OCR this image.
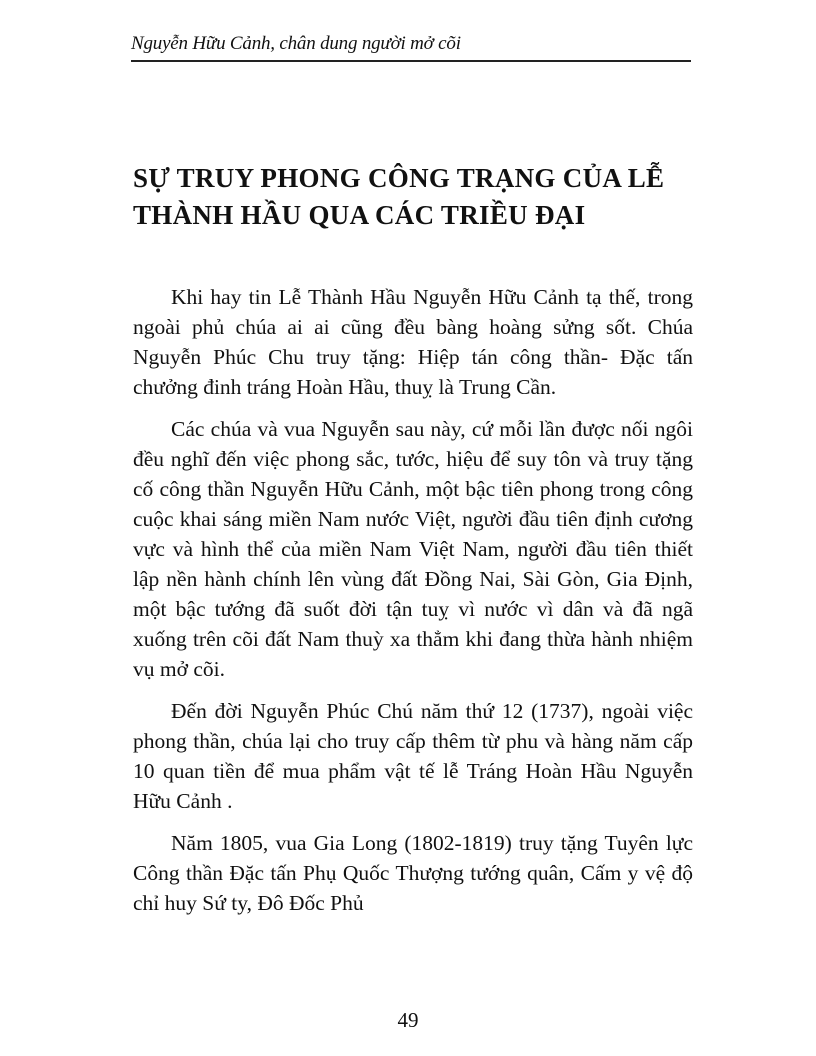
Nguyễn Hữu Cảnh, chân dung người mở cõi
SỰ TRUY PHONG CÔNG TRẠNG CỦA LỄ
THÀNH HẦU QUA CÁC TRIỀU ĐẠI

Khi hay tin Lễ Thành Hầu Nguyễn Hữu Cảnh tạ thế, trong ngoài phủ chúa ai ai cũng đều bàng hoàng sửng sốt. Chúa Nguyễn Phúc Chu truy tặng: Hiệp tán công thần- Đặc tấn chưởng đinh tráng Hoàn Hầu, thuỵ là Trung Cần.

Các chúa và vua Nguyễn sau này, cứ mỗi lần được nối ngôi đều nghĩ đến việc phong sắc, tước, hiệu để suy tôn và truy tặng cố công thần Nguyễn Hữu Cảnh, một bậc tiên phong trong công cuộc khai sáng miền Nam nước Việt, người đầu tiên định cương vực và hình thể của miền Nam Việt Nam, người đầu tiên thiết lập nền hành chính lên vùng đất Đồng Nai, Sài Gòn, Gia Định, một bậc tướng đã suốt đời tận tuỵ vì nước vì dân và đã ngã xuống trên cõi đất Nam thuỳ xa thẳm khi đang thừa hành nhiệm vụ mở cõi.

Đến đời Nguyễn Phúc Chú năm thứ 12 (1737), ngoài việc phong thần, chúa lại cho truy cấp thêm từ phu và hàng năm cấp 10 quan tiền để mua phẩm vật tế lễ Tráng Hoàn Hầu Nguyễn Hữu Cảnh .

Năm 1805, vua Gia Long (1802-1819) truy tặng Tuyên lực Công thần Đặc tấn Phụ Quốc Thượng tướng quân, Cấm y vệ độ chỉ huy Sứ ty, Đô Đốc Phủ

49
